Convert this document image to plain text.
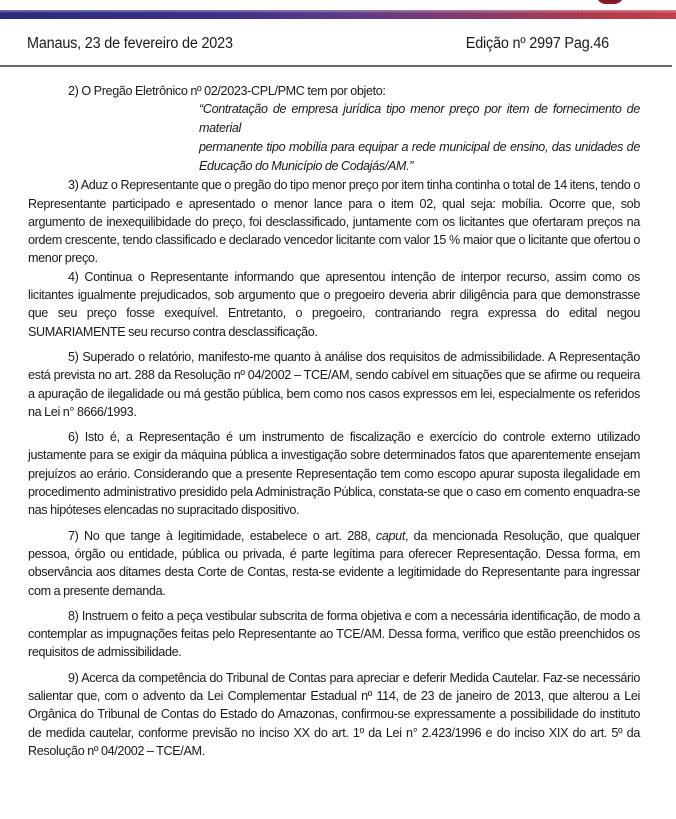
Manaus, 23 de fevereiro de 2023	Edição nº 2997 Pag.46

2) O Pregão Eletrônico nº 02/2023-CPL/PMC tem por objeto:

“Contratação de empresa jurídica tipo menor preço por item de fornecimento de material

permanente tipo mobília para equipar a rede municipal de ensino, das unidades de Educação do Município de Codajás/AM.”

3) Aduz o Representante que o pregão do tipo menor preço por item tinha continha o total de 14 itens, tendo o Representante participado e apresentado o menor lance para o item 02, qual seja: mobília. Ocorre que, sob argumento de inexequilibidade do preço, foi desclassificado, juntamente com os licitantes que ofertaram preços na ordem crescente, tendo classificado e declarado vencedor licitante com valor 15 % maior que o licitante que ofertou o menor preço.

4) Continua o Representante informando que apresentou intenção de interpor recurso, assim como os licitantes igualmente prejudicados, sob argumento que o pregoeiro deveria abrir diligência para que demonstrasse que seu preço fosse exequível. Entretanto, o pregoeiro, contrariando regra expressa do edital negou SUMARIAMENTE seu recurso contra desclassificação.

5) Superado o relatório, manifesto-me quanto à análise dos requisitos de admissibilidade. A Representação está prevista no art. 288 da Resolução nº 04/2002 – TCE/AM, sendo cabível em situações que se afirme ou requeira a apuração de ilegalidade ou má gestão pública, bem como nos casos expressos em lei, especialmente os referidos na Lei n° 8666/1993.

6) Isto é, a Representação é um instrumento de fiscalização e exercício do controle externo utilizado justamente para se exigir da máquina pública a investigação sobre determinados fatos que aparentemente ensejam prejuízos ao erário. Considerando que a presente Representação tem como escopo apurar suposta ilegalidade em procedimento administrativo presidido pela Administração Pública, constata-se que o caso em comento enquadra-se nas hipóteses elencadas no supracitado dispositivo.

7) No que tange à legitimidade, estabelece o art. 288, caput, da mencionada Resolução, que qualquer pessoa, órgão ou entidade, pública ou privada, é parte legítima para oferecer Representação. Dessa forma, em observância aos ditames desta Corte de Contas, resta-se evidente a legitimidade do Representante para ingressar com a presente demanda.

8) Instruem o feito a peça vestibular subscrita de forma objetiva e com a necessária identificação, de modo a contemplar as impugnações feitas pelo Representante ao TCE/AM. Dessa forma, verifico que estão preenchidos os requisitos de admissibilidade.

9) Acerca da competência do Tribunal de Contas para apreciar e deferir Medida Cautelar. Faz-se necessário salientar que, com o advento da Lei Complementar Estadual nº 114, de 23 de janeiro de 2013, que alterou a Lei Orgânica do Tribunal de Contas do Estado do Amazonas, confirmou-se expressamente a possibilidade do instituto de medida cautelar, conforme previsão no inciso XX do art. 1º da Lei n° 2.423/1996 e do inciso XIX do art. 5º da Resolução nº 04/2002 – TCE/AM.
